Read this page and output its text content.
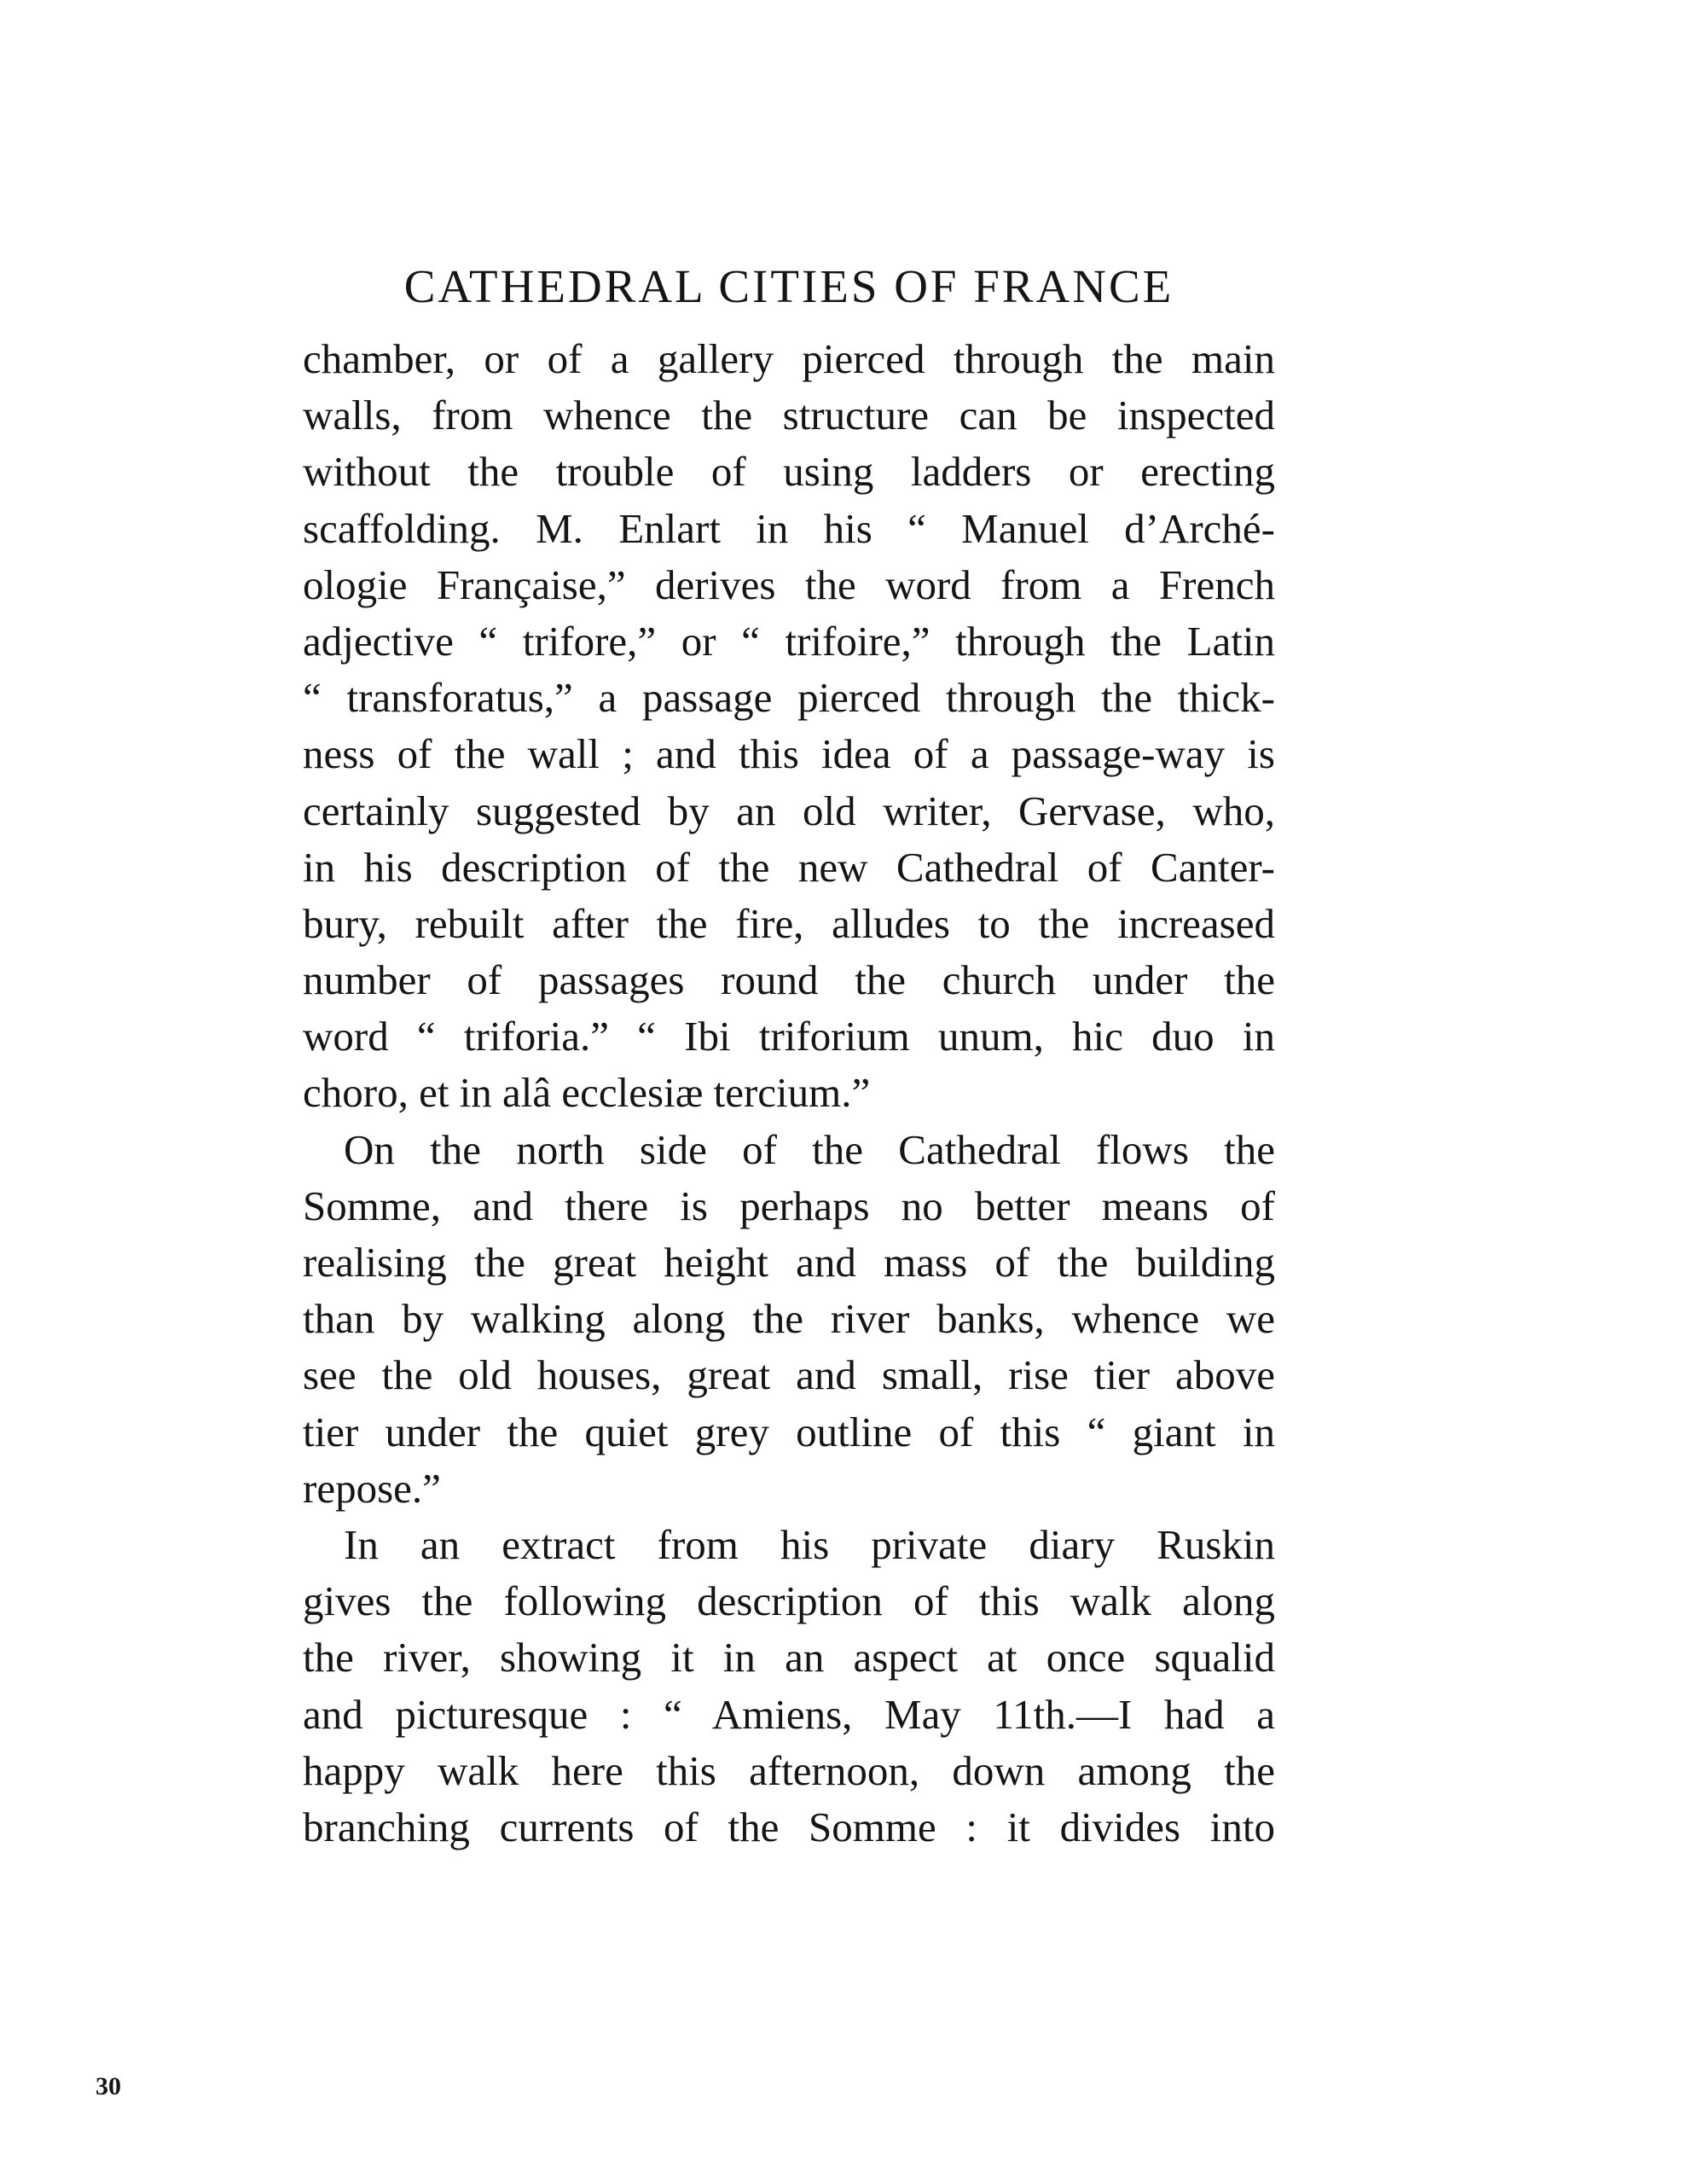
CATHEDRAL CITIES OF FRANCE
chamber, or of a gallery pierced through the main
walls, from whence the structure can be inspected
without the trouble of using ladders or erecting
scaffolding. M. Enlart in his “ Manuel d’Arché-
ologie Française,” derives the word from a French
adjective “ trifore,” or “ trifoire,” through the Latin
“ transforatus,” a passage pierced through the thick-
ness of the wall ; and this idea of a passage-way is
certainly suggested by an old writer, Gervase, who,
in his description of the new Cathedral of Canter-
bury, rebuilt after the fire, alludes to the increased
number of passages round the church under the
word “ triforia.” “ Ibi triforium unum, hic duo in
choro, et in alâ ecclesiæ tercium.”
On the north side of the Cathedral flows the
Somme, and there is perhaps no better means of
realising the great height and mass of the building
than by walking along the river banks, whence we
see the old houses, great and small, rise tier above
tier under the quiet grey outline of this “ giant in
repose.”
In an extract from his private diary Ruskin
gives the following description of this walk along
the river, showing it in an aspect at once squalid
and picturesque : “ Amiens, May 11th.—I had a
happy walk here this afternoon, down among the
branching currents of the Somme : it divides into
30
